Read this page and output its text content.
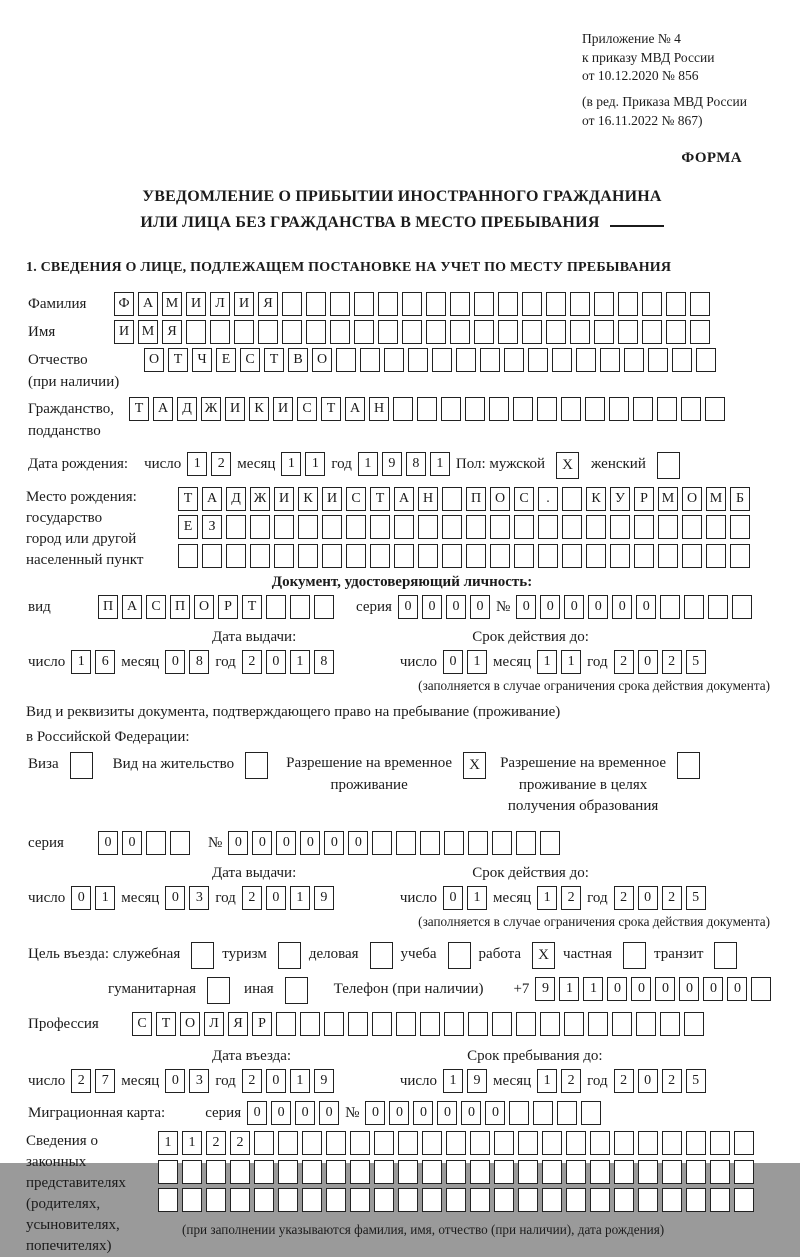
Приложение № 4
к приказу МВД России
от 10.12.2020 № 856
(в ред. Приказа МВД России
от 16.11.2022 № 867)
ФОРМА
УВЕДОМЛЕНИЕ О ПРИБЫТИИ ИНОСТРАННОГО ГРАЖДАНИНА
ИЛИ ЛИЦА БЕЗ ГРАЖДАНСТВА В МЕСТО ПРЕБЫВАНИЯ
1. СВЕДЕНИЯ О ЛИЦЕ, ПОДЛЕЖАЩЕМ ПОСТАНОВКЕ НА УЧЕТ ПО МЕСТУ ПРЕБЫВАНИЯ
Фамилия	Ф А М И	Л	И	Я
Имя	И М Я
Отчество
(при наличии)
О	Т	Ч	Е	С	Т	В	О
Гражданство,
подданство
Т	А	Д Ж И	К	И	С	Т	А Н
Дата рождения: число 1	2 месяц 1	1 год 1	9	8	1 Пол: мужской	X	женский
Место рождения:
государство
город или другой
населенный пункт
Т	А	Д Ж И	К	И	С	Т	А Н	П О	С	.	К	У	Р М О М Б
Е	З
Документ, удостоверяющий личность:
вид	П А	С	П О	Р	Т	серия 0	0	0	0 № 0	0	0	0	0	0
Дата выдачи:	Срок действия до:
число 1	6 месяц 0	8 год 2	0	1	8	число 0	1 месяц 1	1 год 2	0	2	5
(заполняется в случае ограничения срока действия документа)
Вид и реквизиты документа, подтверждающего право на пребывание (проживание)
в Российской Федерации:
Виза	Вид на жительство	Разрешение на временное
проживание
X	Разрешение на временное
проживание в целях
получения образования
серия	0	0	№ 0	0	0	0	0	0
Дата выдачи:	Срок действия до:
число 0	1 месяц 0	3 год 2	0	1	9	число 0	1 месяц 1	2 год 2	0	2	5
(заполняется в случае ограничения срока действия документа)
Цель въезда: служебная	туризм	деловая	учеба	работа	X частная	транзит
гуманитарная	иная	Телефон (при наличии) +7 9	1	1	0	0	0	0	0	0
Профессия	С	Т	О	Л	Я	Р
Дата въезда:	Срок пребывания до:
число 2	7 месяц 0	3 год 2	0	1	9	число 1	9 месяц 1	2 год 2	0	2	5
Миграционная карта:	серия 0	0	0	0 № 0	0	0	0	0	0
Сведения о
законных
представителях
(родителях,
усыновителях,
попечителях)
1	1	2	2
(при заполнении указываются фамилия, имя, отчество (при наличии), дата рождения)
